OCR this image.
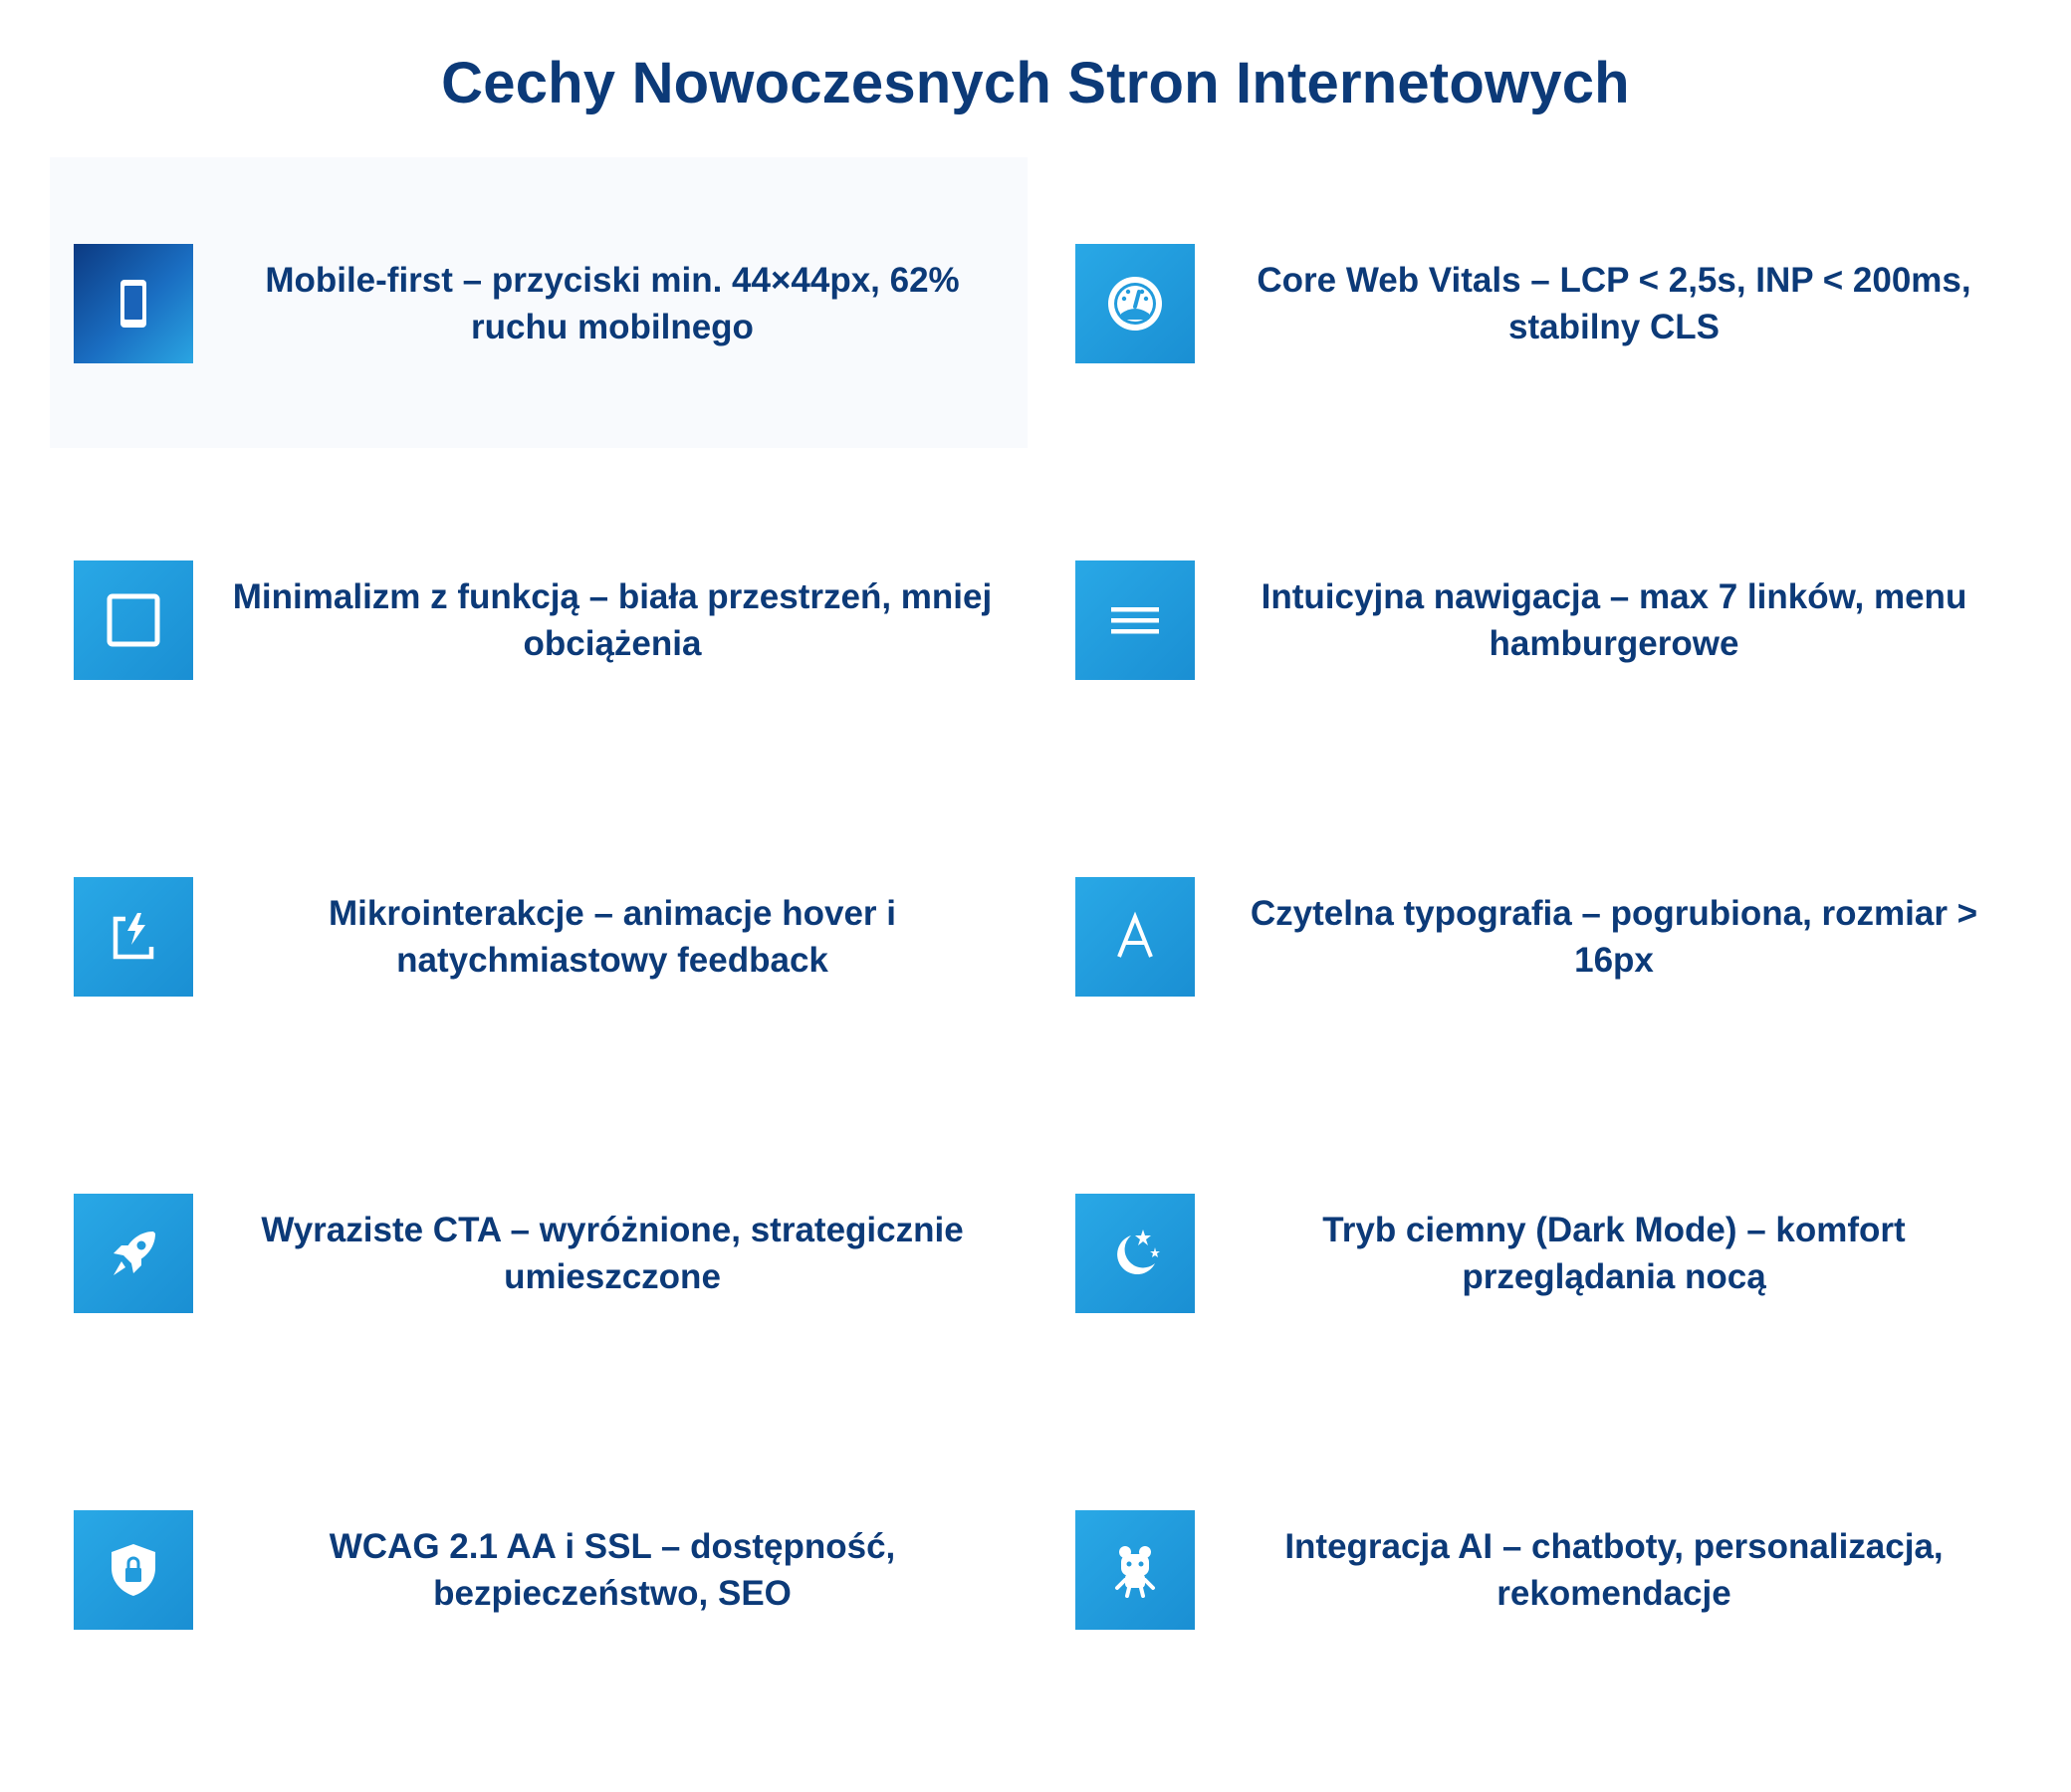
Cechy Nowoczesnych Stron Internetowych
Mobile-first – przyciski min. 44×44px, 62% ruchu mobilnego
Core Web Vitals – LCP < 2,5s, INP < 200ms, stabilny CLS
Minimalizm z funkcją – biała przestrzeń, mniej obciążenia
Intuicyjna nawigacja – max 7 linków, menu hamburgerowe
Mikrointerakcje – animacje hover i natychmiastowy feedback
Czytelna typografia – pogrubiona, rozmiar > 16px
Wyraziste CTA – wyróżnione, strategicznie umieszczone
Tryb ciemny (Dark Mode) – komfort przeglądania nocą
WCAG 2.1 AA i SSL – dostępność, bezpieczeństwo, SEO
Integracja AI – chatboty, personalizacja, rekomendacje
